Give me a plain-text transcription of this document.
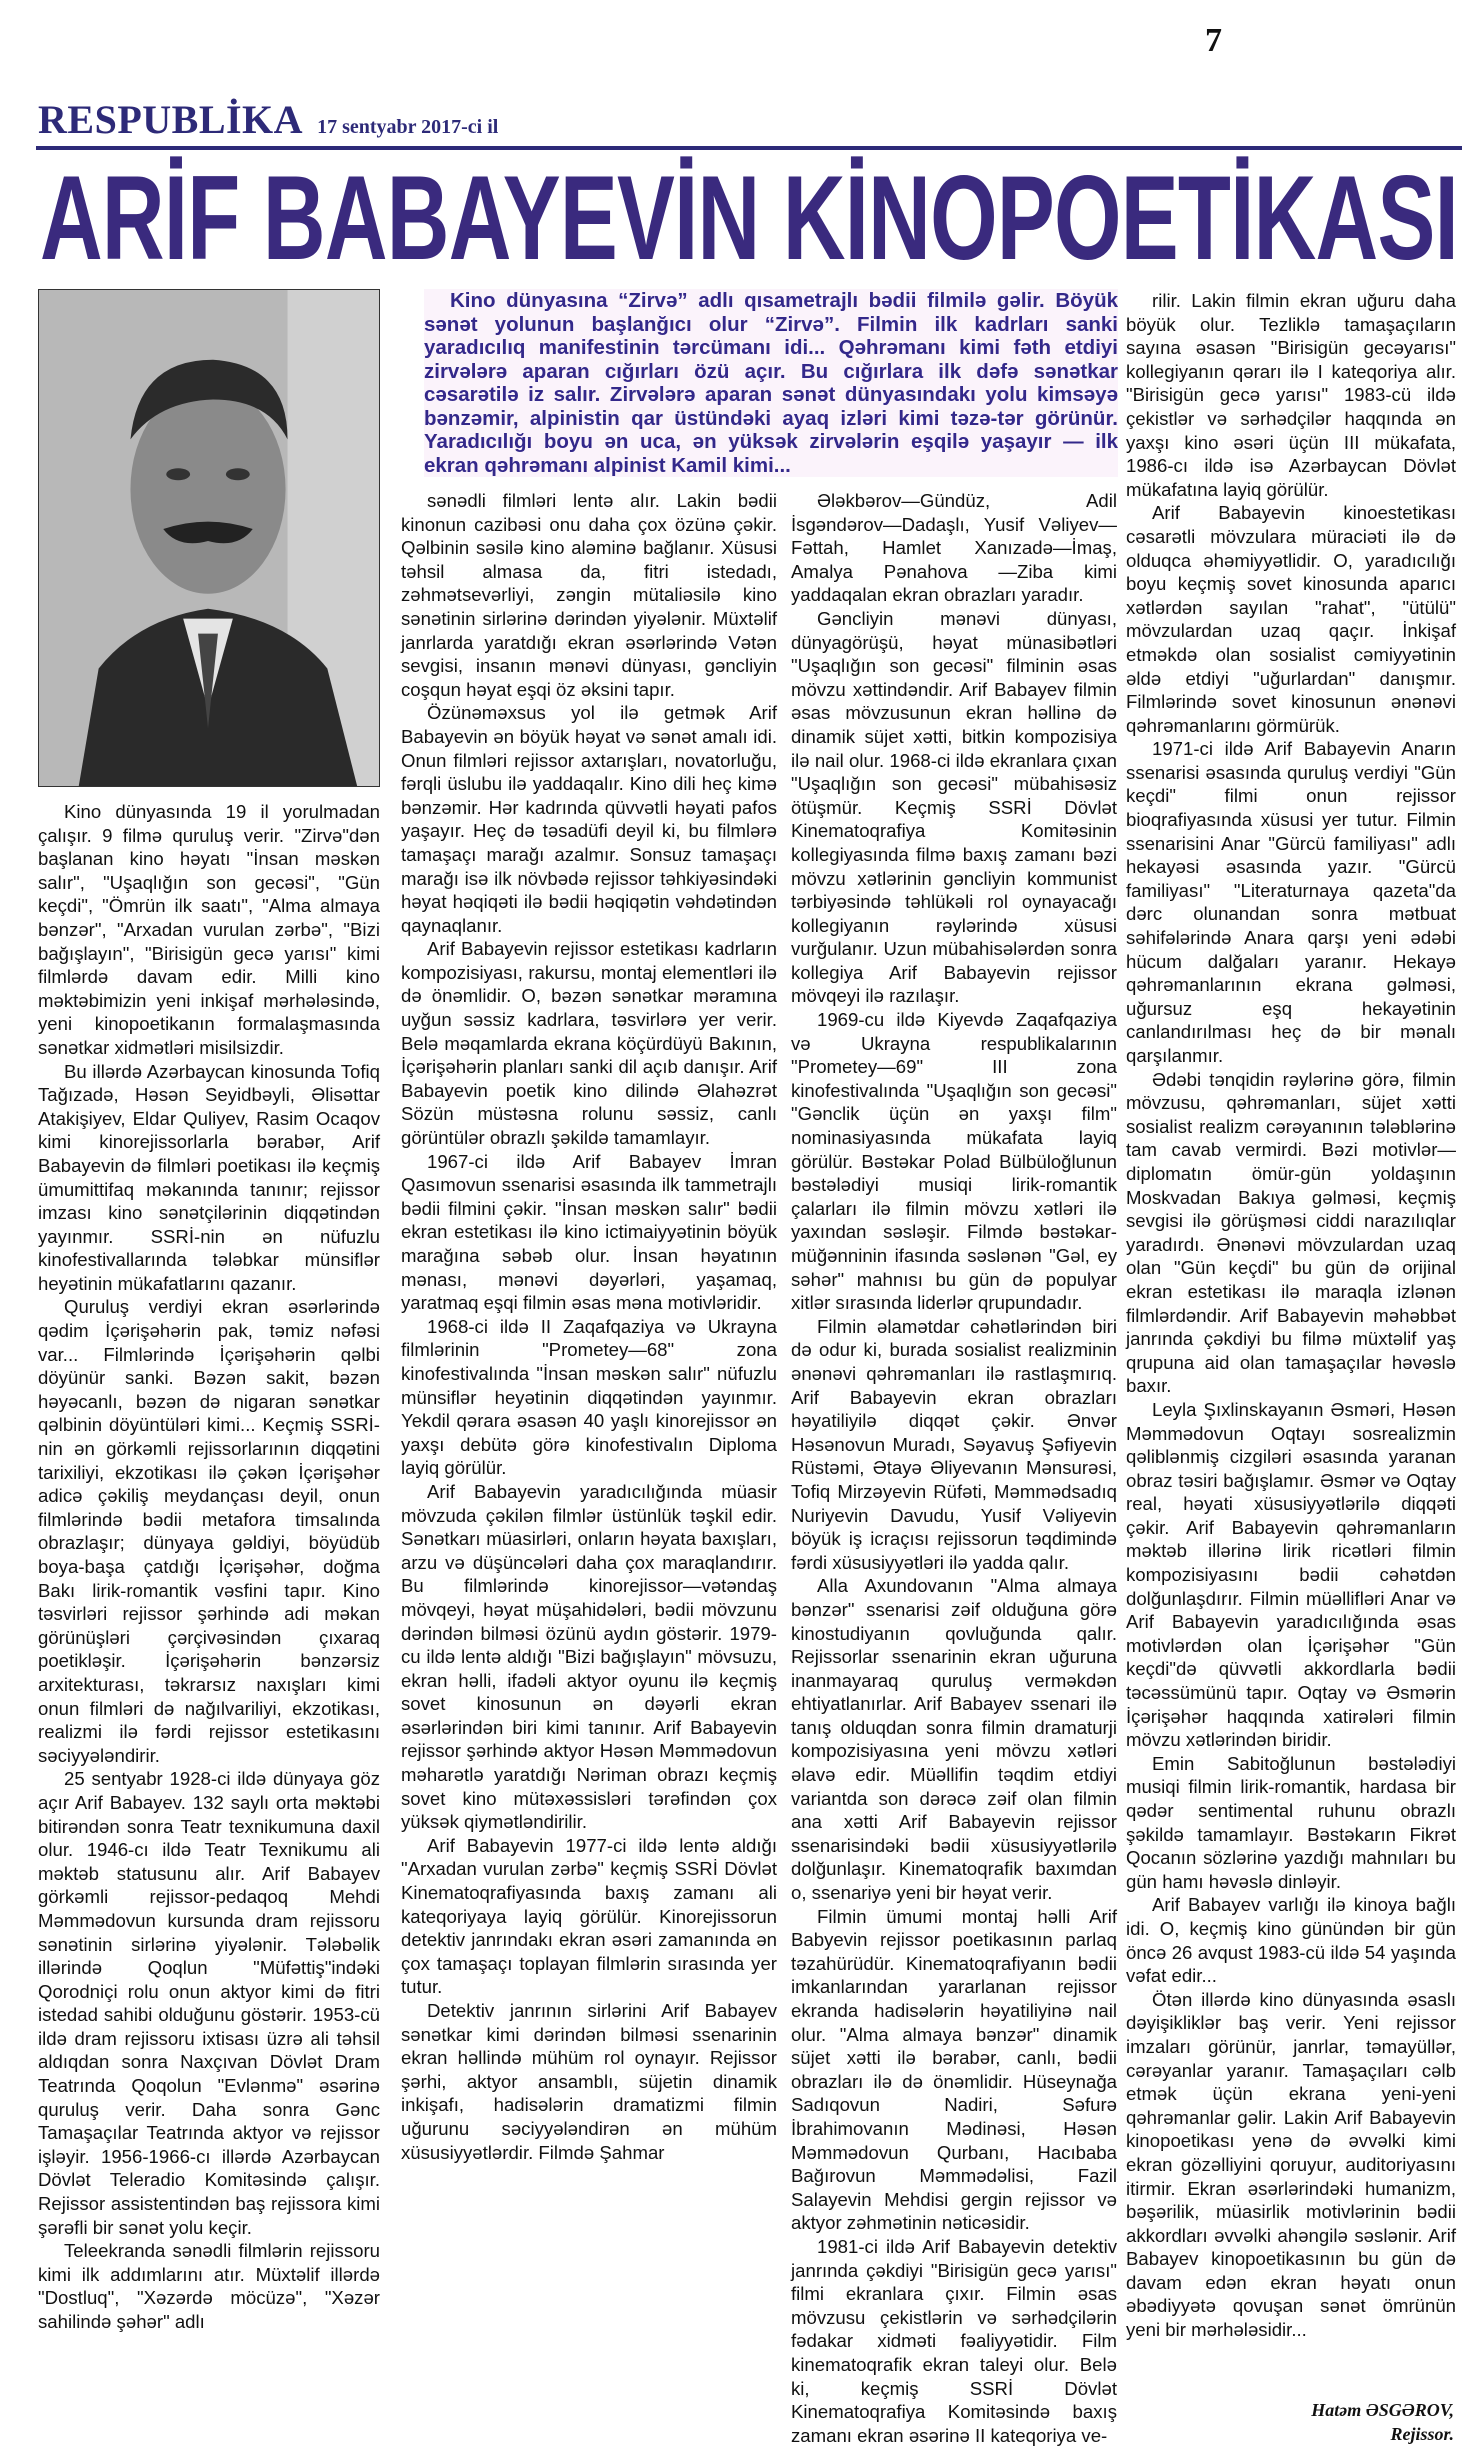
7
RESPUBLİKA 17 sentyabr 2017-ci il
ARİF BABAYEVİN KİNOPOETİKASI

Kino dünyasına “Zirvə” adlı qısametrajlı bədii filmilə gəlir. Böyük sənət yolunun başlanğıcı olur “Zirvə”. Filmin ilk kadrları sanki yaradıcılıq manifestinin tərcümanı idi... Qəhrəmanı kimi fəth etdiyi zirvələrə aparan cığırları özü açır. Bu cığırlara ilk dəfə sənətkar cəsarətilə iz salır. Zirvələrə aparan sənət dünyasındakı yolu kimsəyə bənzəmir, alpinistin qar üstündəki ayaq izləri kimi təzə-tər görünür. Yaradıcılığı boyu ən uca, ən yüksək zirvələrin eşqilə yaşayır — ilk ekran qəhrəmanı alpinist Kamil kimi...

Kino dünyasında 19 il yorulmadan çalışır. 9 filmə quruluş verir. "Zirvə"dən başlanan kino həyatı "İnsan məskən salır", "Uşaqlığın son gecəsi", "Gün keçdi", "Ömrün ilk saatı", "Alma almaya bənzər", "Arxadan vurulan zərbə", "Bizi bağışlayın", "Birisigün gecə yarısı" kimi filmlərdə davam edir. Milli kino məktəbimizin yeni inkişaf mərhələsində, yeni kinopoetikanın formalaşmasında sənətkar xidmətləri misilsizdir.

Bu illərdə Azərbaycan kinosunda Tofiq Tağızadə, Həsən Seyidbəyli, Əlisəttar Atakişiyev, Eldar Quliyev, Rasim Ocaqov kimi kinorejissorlarla bərabər, Arif Babayevin də filmləri poetikası ilə keçmiş ümumittifaq məkanında tanınır; rejissor imzası kino sənətçilərinin diqqətindən yayınmır. SSRİ-nin ən nüfuzlu kinofestivallarında tələbkar münsiflər heyətinin mükafatlarını qazanır.

Quruluş verdiyi ekran əsərlərində qədim İçərişəhərin pak, təmiz nəfəsi var... Filmlərində İçərişəhərin qəlbi döyünür sanki. Bəzən sakit, bəzən həyəcanlı, bəzən də nigaran sənətkar qəlbinin döyüntüləri kimi... Keçmiş SSRİ-nin ən görkəmli rejissorlarının diqqətini tarixiliyi, ekzotikası ilə çəkən İçərişəhər adicə çəkiliş meydançası deyil, onun filmlərində bədii metafora timsalında obrazlaşır; dünyaya gəldiyi, böyüdüb boya-başa çatdığı İçərişəhər, doğma Bakı lirik-romantik vəsfini tapır. Kino təsvirləri rejissor şərhində adi məkan görünüşləri çərçivəsindən çıxaraq poetikləşir. İçərişəhərin bənzərsiz arxitekturası, təkrarsız naxışları kimi onun filmləri də nağılvariliyi, ekzotikası, realizmi ilə fərdi rejissor estetikasını səciyyələndirir.

25 sentyabr 1928-ci ildə dünyaya göz açır Arif Babayev. 132 saylı orta məktəbi bitirəndən sonra Teatr texnikumuna daxil olur. 1946-cı ildə Teatr Texnikumu ali məktəb statusunu alır. Arif Babayev görkəmli rejissor-pedaqoq Mehdi Məmmədovun kursunda dram rejissoru sənətinin sirlərinə yiyələnir. Tələbəlik illərində Qoqlun "Müfəttiş"indəki Qorodniçi rolu onun aktyor kimi də fitri istedad sahibi olduğunu göstərir. 1953-cü ildə dram rejissoru ixtisası üzrə ali təhsil aldıqdan sonra Naxçıvan Dövlət Dram Teatrında Qoqolun "Evlənmə" əsərinə quruluş verir. Daha sonra Gənc Tamaşaçılar Teatrında aktyor və rejissor işləyir. 1956-1966-cı illərdə Azərbaycan Dövlət Teleradio Komitəsində çalışır. Rejissor assistentindən baş rejissora kimi şərəfli bir sənət yolu keçir.

Teleekranda sənədli filmlərin rejissoru kimi ilk addımlarını atır. Müxtəlif illərdə "Dostluq", "Xəzərdə möcüzə", "Xəzər sahilində şəhər" adlı

sənədli filmləri lentə alır. Lakin bədii kinonun cazibəsi onu daha çox özünə çəkir. Qəlbinin səsilə kino aləminə bağlanır. Xüsusi təhsil almasa da, fitri istedadı, zəhmətsevərliyi, zəngin mütaliəsilə kino sənətinin sirlərinə dərindən yiyələnir. Müxtəlif janrlarda yaratdığı ekran əsərlərində Vətən sevgisi, insanın mənəvi dünyası, gəncliyin coşqun həyat eşqi öz əksini tapır.

Özünəməxsus yol ilə getmək Arif Babayevin ən böyük həyat və sənət amalı idi. Onun filmləri rejissor axtarışları, novatorluğu, fərqli üslubu ilə yaddaqalır. Kino dili heç kimə bənzəmir. Hər kadrında qüvvətli həyati pafos yaşayır. Heç də təsadüfi deyil ki, bu filmlərə tamaşaçı marağı azalmır. Sonsuz tamaşaçı marağı isə ilk növbədə rejissor təhkiyəsindəki həyat həqiqəti ilə bədii həqiqətin vəhdətindən qaynaqlanır.

Arif Babayevin rejissor estetikası kadrların kompozisiyası, rakursu, montaj elementləri ilə də önəmlidir. O, bəzən sənətkar məramına uyğun səssiz kadrlara, təsvirlərə yer verir. Belə məqamlarda ekrana köçürdüyü Bakının, İçərişəhərin planları sanki dil açıb danışır. Arif Babayevin poetik kino dilində Əlahəzrət Sözün müstəsna rolunu səssiz, canlı görüntülər obrazlı şəkildə tamamlayır.

1967-ci ildə Arif Babayev İmran Qasımovun ssenarisi əsasında ilk tammetrajlı bədii filmini çəkir. "İnsan məskən salır" bədii ekran estetikası ilə kino ictimaiyyətinin böyük marağına səbəb olur. İnsan həyatının mənası, mənəvi dəyərləri, yaşamaq, yaratmaq eşqi filmin əsas məna motivləridir.

1968-ci ildə II Zaqafqaziya və Ukrayna filmlərinin "Prometey—68" zona kinofestivalında "İnsan məskən salır" nüfuzlu münsiflər heyətinin diqqətindən yayınmır. Yekdil qərara əsasən 40 yaşlı kinorejissor ən yaxşı debütə görə kinofestivalın Diploma layiq görülür.

Arif Babayevin yaradıcılığında müasir mövzuda çəkilən filmlər üstünlük təşkil edir. Sənətkarı müasirləri, onların həyata baxışları, arzu və düşüncələri daha çox maraqlandırır. Bu filmlərində kinorejissor—vətəndaş mövqeyi, həyat müşahidələri, bədii mövzunu dərindən bilməsi özünü aydın göstərir. 1979-cu ildə lentə aldığı "Bizi bağışlayın" mövsuzu, ekran həlli, ifadəli aktyor oyunu ilə keçmiş sovet kinosunun ən dəyərli ekran əsərlərindən biri kimi tanınır. Arif Babayevin rejissor şərhində aktyor Həsən Məmmədovun məharətlə yaratdığı Nəriman obrazı keçmiş sovet kino mütəxəssisləri tərəfindən çox yüksək qiymətləndirilir.

Arif Babayevin 1977-ci ildə lentə aldığı "Arxadan vurulan zərbə" keçmiş SSRİ Dövlət Kinematoqrafiyasında baxış zamanı ali kateqoriyaya layiq görülür. Kinorejissorun detektiv janrındakı ekran əsəri zamanında ən çox tamaşaçı toplayan filmlərin sırasında yer tutur.

Detektiv janrının sirlərini Arif Babayev sənətkar kimi dərindən bilməsi ssenarinin ekran həllində mühüm rol oynayır. Rejissor şərhi, aktyor ansamblı, süjetin dinamik inkişafı, hadisələrin dramatizmi filmin uğurunu səciyyələndirən ən mühüm xüsusiyyətlərdir. Filmdə Şahmar

Ələkbərov—Gündüz, Adil İsgəndərov—Dadaşlı, Yusif Vəliyev—Fəttah, Hamlet Xanızadə—İmaş, Amalya Pənahova —Ziba kimi yaddaqalan ekran obrazları yaradır.

Gəncliyin mənəvi dünyası, dünyagörüşü, həyat münasibətləri "Uşaqlığın son gecəsi" filminin əsas mövzu xəttindəndir. Arif Babayev filmin əsas mövzusunun ekran həllinə də dinamik süjet xətti, bitkin kompozisiya ilə nail olur. 1968-ci ildə ekranlara çıxan "Uşaqlığın son gecəsi" mübahisəsiz ötüşmür. Keçmiş SSRİ Dövlət Kinematoqrafiya Komitəsinin kollegiyasında filmə baxış zamanı bəzi mövzu xətlərinin gəncliyin kommunist tərbiyəsində təhlükəli rol oynayacağı kollegiyanın rəylərində xüsusi vurğulanır. Uzun mübahisələrdən sonra kollegiya Arif Babayevin rejissor mövqeyi ilə razılaşır.

1969-cu ildə Kiyevdə Zaqafqaziya və Ukrayna respublikalarının "Prometey—69" III zona kinofestivalında "Uşaqlığın son gecəsi" "Gənclik üçün ən yaxşı film" nominasiyasında mükafata layiq görülür. Bəstəkar Polad Bülbüloğlunun bəstələdiyi musiqi lirik-romantik çalarları ilə filmin mövzu xətləri ilə yaxından səsləşir. Filmdə bəstəkar-müğənninin ifasında səslənən "Gəl, ey səhər" mahnısı bu gün də populyar xitlər sırasında liderlər qrupundadır.

Filmin əlamətdar cəhətlərindən biri də odur ki, burada sosialist realizminin ənənəvi qəhrəmanları ilə rastlaşmırıq. Arif Babayevin ekran obrazları həyatiliyilə diqqət çəkir. Ənvər Həsənovun Muradı, Səyavuş Şəfiyevin Rüstəmi, Ətayə Əliyevanın Mənsurəsi, Tofiq Mirzəyevin Rüfəti, Məmmədsadıq Nuriyevin Davudu, Yusif Vəliyevin böyük iş icraçısı rejissorun təqdimində fərdi xüsusiyyətləri ilə yadda qalır.

Alla Axundovanın "Alma almaya bənzər" ssenarisi zəif olduğuna görə kinostudiyanın qovluğunda qalır. Rejissorlar ssenarinin ekran uğuruna inanmayaraq quruluş verməkdən ehtiyatlanırlar. Arif Babayev ssenari ilə tanış olduqdan sonra filmin dramaturji kompozisiyasına yeni mövzu xətləri əlavə edir. Müəllifin təqdim etdiyi variantda son dərəcə zəif olan filmin ana xətti Arif Babayevin rejissor ssenarisindəki bədii xüsusiyyətlərilə dolğunlaşır. Kinematoqrafik baxımdan o, ssenariyə yeni bir həyat verir.

Filmin ümumi montaj həlli Arif Babyevin rejissor poetikasının parlaq təzahürüdür. Kinematoqrafiyanın bədii imkanlarından yararlanan rejissor ekranda hadisələrin həyatiliyinə nail olur. "Alma almaya bənzər" dinamik süjet xətti ilə bərabər, canlı, bədii obrazları ilə də önəmlidir. Hüseynağa Sadıqovun Nadiri, Səfurə İbrahimovanın Mədinəsi, Həsən Məmmədovun Qurbanı, Hacıbaba Bağırovun Məmmədəlisi, Fazil Salayevin Mehdisi gergin rejissor və aktyor zəhmətinin nəticəsidir.

1981-ci ildə Arif Babayevin detektiv janrında çəkdiyi "Birisigün gecə yarısı" filmi ekranlara çıxır. Filmin əsas mövzusu çekistlərin və sərhədçilərin fədakar xidməti fəaliyyətidir. Film kinematoqrafik ekran taleyi olur. Belə ki, keçmiş SSRİ Dövlət Kinematoqrafiya Komitəsində baxış zamanı ekran əsərinə II kateqoriya ve-

rilir. Lakin filmin ekran uğuru daha böyük olur. Tezliklə tamaşaçıların sayına əsasən "Birisigün gecəyarısı" kollegiyanın qərarı ilə I kateqoriya alır. "Birisigün gecə yarısı" 1983-cü ildə çekistlər və sərhədçilər haqqında ən yaxşı kino əsəri üçün III mükafata, 1986-cı ildə isə Azərbaycan Dövlət mükafatına layiq görülür.

Arif Babayevin kinoestetikası cəsarətli mövzulara müraciəti ilə də olduqca əhəmiyyətlidir. O, yaradıcılığı boyu keçmiş sovet kinosunda aparıcı xətlərdən sayılan "rahat", "ütülü" mövzulardan uzaq qaçır. İnkişaf etməkdə olan sosialist cəmiyyətinin əldə etdiyi "uğurlardan" danışmır. Filmlərində sovet kinosunun ənənəvi qəhrəmanlarını görmürük.

1971-ci ildə Arif Babayevin Anarın ssenarisi əsasında quruluş verdiyi "Gün keçdi" filmi onun rejissor bioqrafiyasında xüsusi yer tutur. Filmin ssenarisini Anar "Gürcü familiyası" adlı hekayəsi əsasında yazır. "Gürcü familiyası" "Literaturnaya qazeta"da dərc olunandan sonra mətbuat səhifələrində Anara qarşı yeni ədəbi hücum dalğaları yaranır. Hekayə qəhrəmanlarının ekrana gəlməsi, uğursuz eşq hekayətinin canlandırılması heç də bir mənalı qarşılanmır.

Ədəbi tənqidin rəylərinə görə, filmin mövzusu, qəhrəmanları, süjet xətti sosialist realizm cərəyanının tələblərinə tam cavab vermirdi. Bəzi motivlər—diplomatın ömür-gün yoldaşının Moskvadan Bakıya gəlməsi, keçmiş sevgisi ilə görüşməsi ciddi narazılıqlar yaradırdı. Ənənəvi mövzulardan uzaq olan "Gün keçdi" bu gün də orijinal ekran estetikası ilə maraqla izlənən filmlərdəndir. Arif Babayevin məhəbbət janrında çəkdiyi bu filmə müxtəlif yaş qrupuna aid olan tamaşaçılar həvəslə baxır.

Leyla Şıxlinskayanın Əsməri, Həsən Məmmədovun Oqtayı sosrealizmin qəliblənmiş cizgiləri əsasında yaranan obraz təsiri bağışlamır. Əsmər və Oqtay real, həyati xüsusiyyətlərilə diqqəti çəkir. Arif Babayevin qəhrəmanların məktəb illərinə lirik ricətləri filmin kompozisiyasını bədii cəhətdən dolğunlaşdırır. Filmin müəllifləri Anar və Arif Babayevin yaradıcılığında əsas motivlərdən olan İçərişəhər "Gün keçdi"də qüvvətli akkordlarla bədii təcəssümünü tapır. Oqtay və Əsmərin İçərişəhər haqqında xatirələri filmin mövzu xətlərindən biridir.

Emin Sabitoğlunun bəstələdiyi musiqi filmin lirik-romantik, hardasa bir qədər sentimental ruhunu obrazlı şəkildə tamamlayır. Bəstəkarın Fikrət Qocanın sözlərinə yazdığı mahnıları bu gün hamı həvəslə dinləyir.

Arif Babayev varlığı ilə kinoya bağlı idi. O, keçmiş kino günündən bir gün öncə 26 avqust 1983-cü ildə 54 yaşında vəfat edir...

Ötən illərdə kino dünyasında əsaslı dəyişikliklər baş verir. Yeni rejissor imzaları görünür, janrlar, təmayüllər, cərəyanlar yaranır. Tamaşaçıları cəlb etmək üçün ekrana yeni-yeni qəhrəmanlar gəlir. Lakin Arif Babayevin kinopoetikası yenə də əvvəlki kimi ekran gözəlliyini qoruyur, auditoriyasını itirmir. Ekran əsərlərindəki humanizm, bəşərilik, müasirlik motivlərinin bədii akkordları əvvəlki ahəngilə səslənir. Arif Babayev kinopoetikasının bu gün də davam edən ekran həyatı onun əbədiyyətə qovuşan sənət ömrünün yeni bir mərhələsidir...

Hatəm ƏSGƏROV,
Rejissor.
